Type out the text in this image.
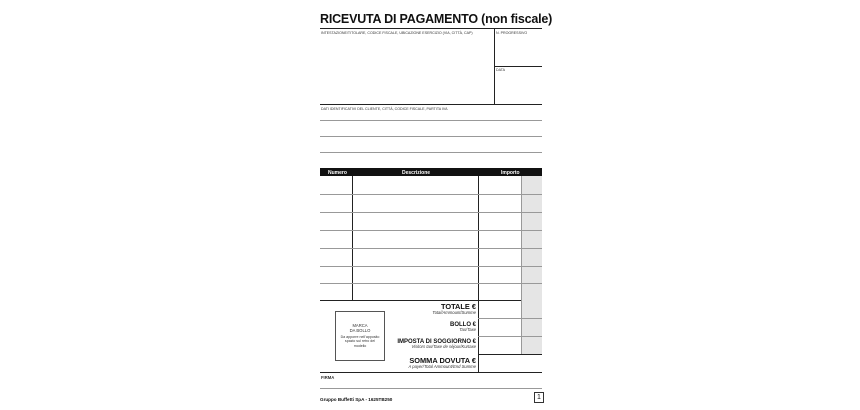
RICEVUTA DI PAGAMENTO (non fiscale)
INTESTAZIONE/TITOLARE, CODICE FISCALE, UBICAZIONE ESERCIZIO (VIA, CITTÀ, CAP)	N. PROGRESSIVO
DATA
DATI IDENTIFICATIVI DEL CLIENTE, CITTÀ, CODICE FISCALE, PARTITA IVA
Numero	Descrizione	Importo
TOTALE €
Total/Ammount/Summe
BOLLO €
Tax/Taxe
IMPOSTA DI SOGGIORNO €
Visitors tax/Taxe de séjour/Kurtaxe
SOMMA DOVUTA €
A payer/Total Ammount/End Summe
MARCA
DA BOLLO
Da apporre nell'apposito spazio sul retro del modello
FIRMA
Gruppo Buffetti SpA - 1625TB250	1
